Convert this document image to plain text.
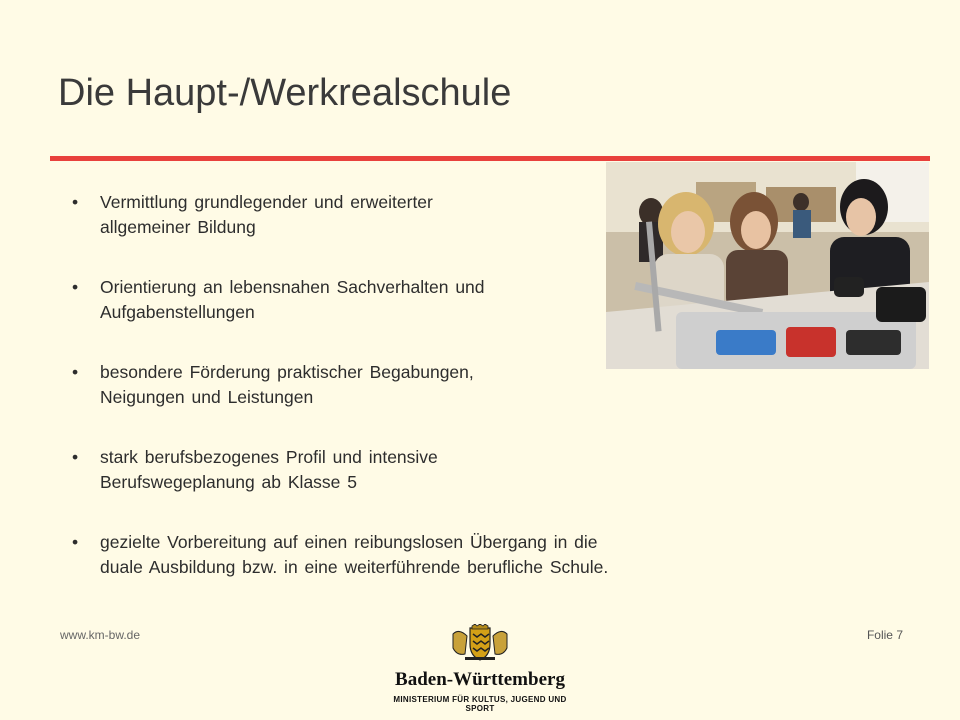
Die Haupt-/Werkrealschule
• Vermittlung grundlegender und erweiterter allgemeiner Bildung
• Orientierung an lebensnahen Sachverhalten und Aufgabenstellungen
• besondere Förderung praktischer Begabungen, Neigungen und Leistungen
• stark berufsbezogenes Profil und intensive Berufswegeplanung ab Klasse 5
• gezielte Vorbereitung auf einen reibungslosen Übergang in die duale Ausbildung bzw. in eine weiterführende berufliche Schule.
www.km-bw.de	Folie 7
Baden-Württemberg
MINISTERIUM FÜR KULTUS, JUGEND UND SPORT
